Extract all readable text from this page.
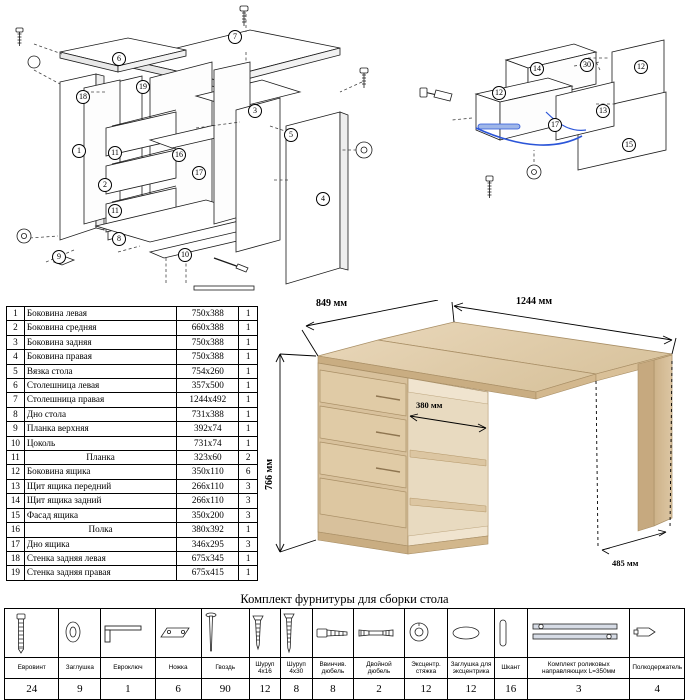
1
2
6
7
8
10
11
11
16
17
18
19
5
4
9
3
14	12
12
13
15
17
30
1	Боковина левая	750x388	1
2	Боковина средняя	660x388	1
3	Боковина задняя	750x388	1
4	Боковина правая	750x388	1
5	Вязка стола	754x260	1
6	Столешница левая	357x500	1
7	Столешница правая	1244x492	1
8	Дно стола	731x388	1
9	Планка верхняя	392x74	1
10	Цоколь	731x74	1
11	Планка	323x60	2
12	Боковина ящика	350x110	6
13	Щит ящика передний	266х110	3
14	Щит ящика задний	266х110	3
15	Фасад ящика	350х200	3
16	Полка	380х392	1
17	Дно ящика	346х295	3
18	Стенка задняя левая	675х345	1
19	Стенка задняя правая	675х415	1
849 мм	1244 мм
766 мм
380 мм
485 мм
Комплект фурнитуры для сборки стола

Евровинт	Заглушка	Евроключ	Ножка	Гвоздь	Шуруп 4х16	Шуруп 4х30	Ввинчив. дюбель	Двойной дюбель	Эксцентр. стяжка	Заглушка для эксцентрика	Шкант	Комплект роликовых направляющих L=350мм	Полкодержатель
24	9	1	6	90	12	8	8	2	12	12	16	3	4
